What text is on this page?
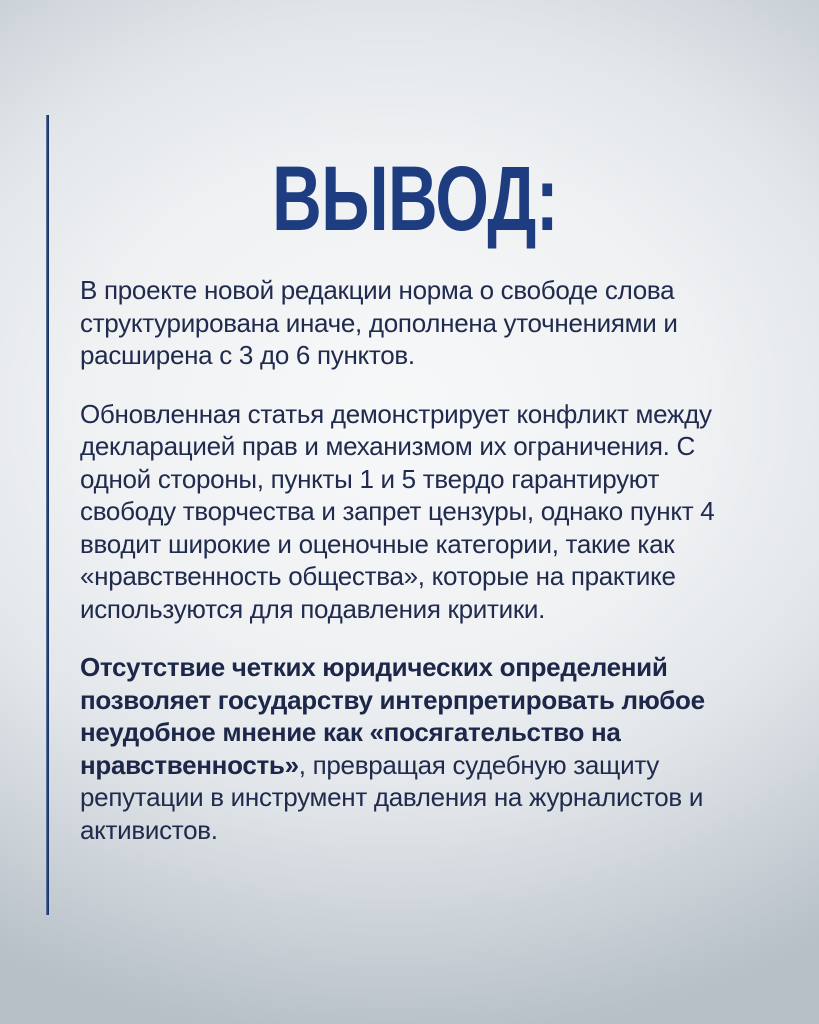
ВЫВОД:

В проекте новой редакции норма о свободе слова структурирована иначе, дополнена уточнениями и расширена с 3 до 6 пунктов.

Обновленная статья демонстрирует конфликт между декларацией прав и механизмом их ограничения. С одной стороны, пункты 1 и 5 твердо гарантируют свободу творчества и запрет цензуры, однако пункт 4 вводит широкие и оценочные категории, такие как «нравственность общества», которые на практике используются для подавления критики.

Отсутствие четких юридических определений позволяет государству интерпретировать любое неудобное мнение как «посягательство на нравственность», превращая судебную защиту репутации в инструмент давления на журналистов и активистов.
